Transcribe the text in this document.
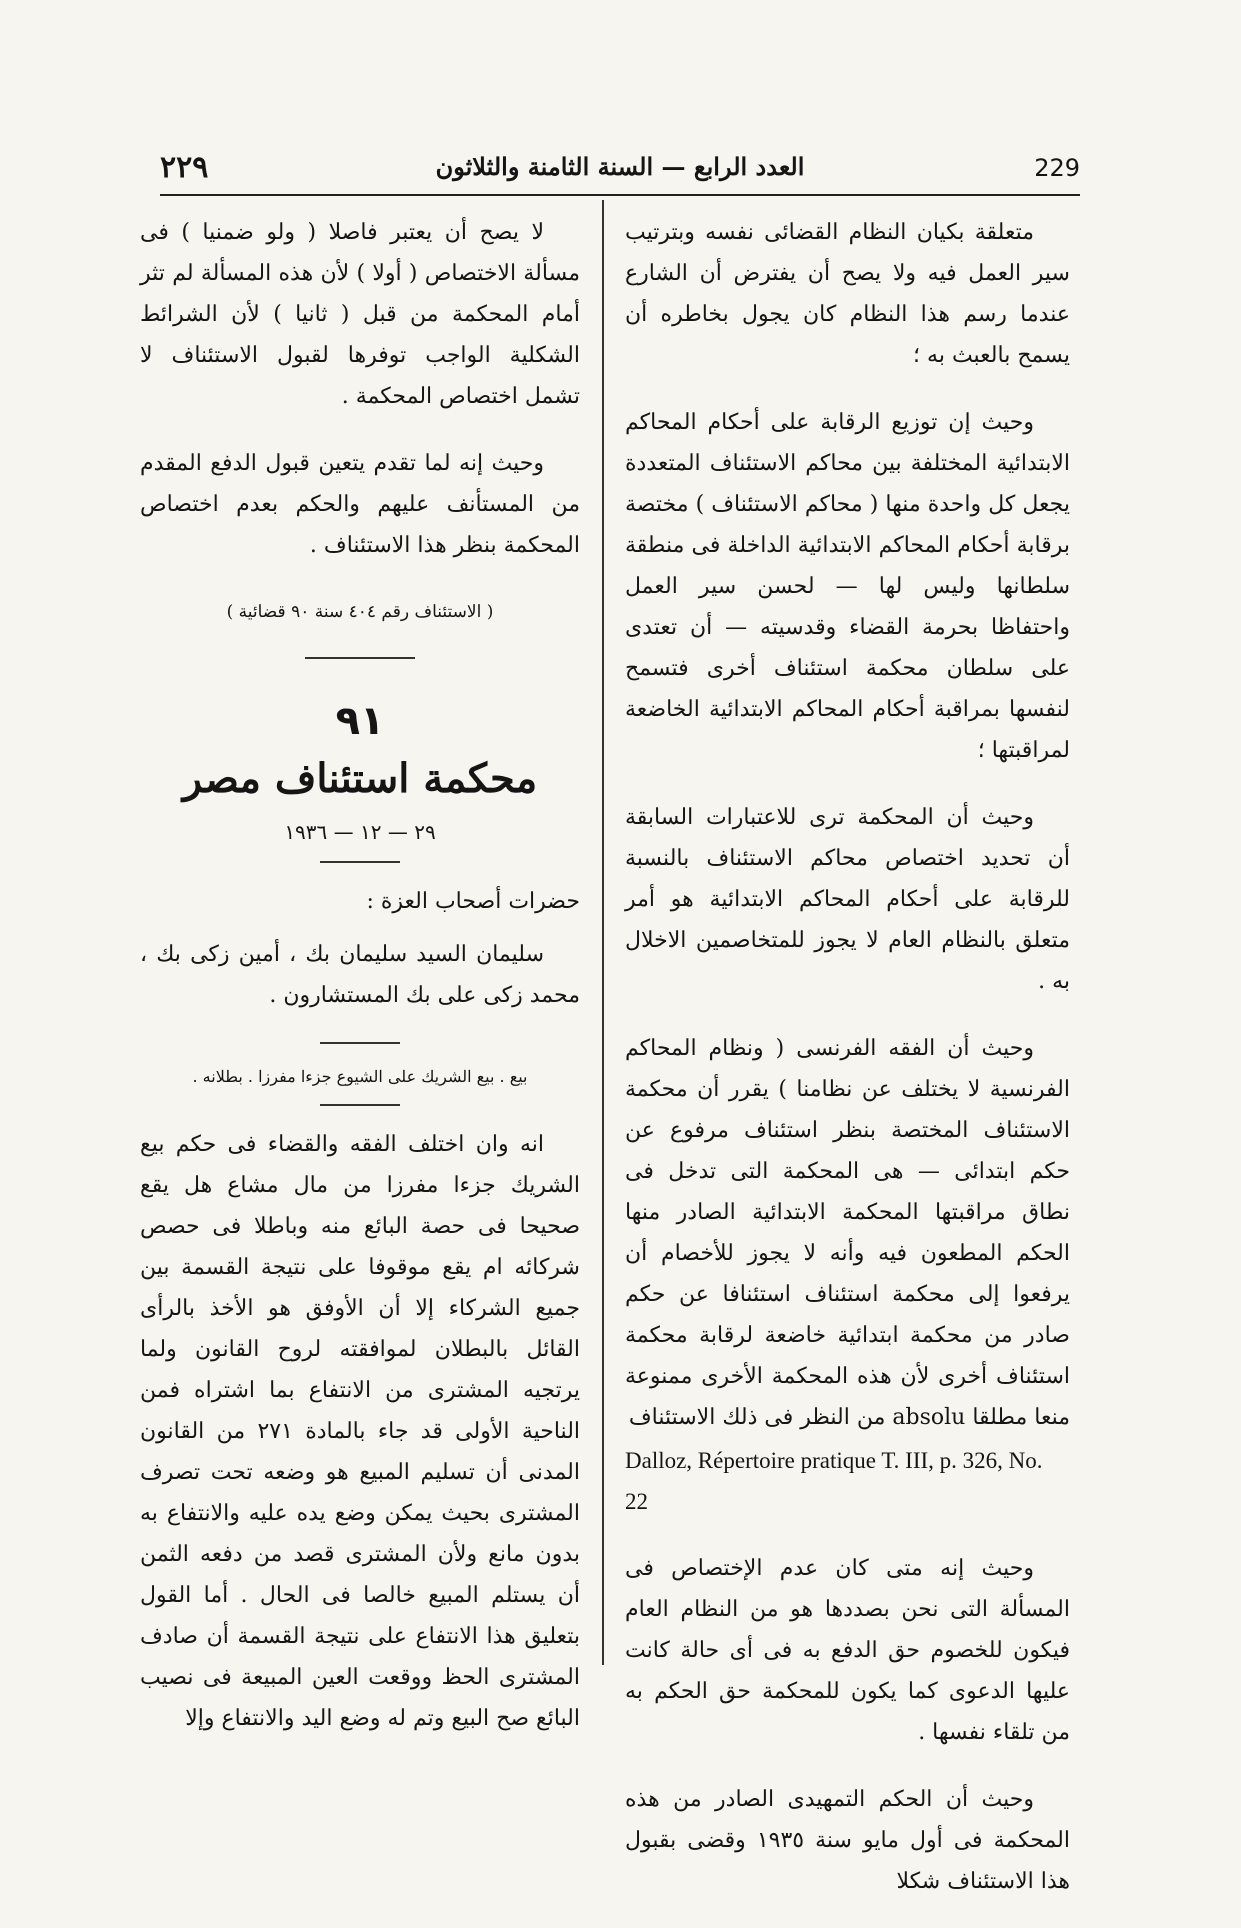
٢٢٩	العدد الرابع — السنة الثامنة والثلاثون	229

متعلقة بكيان النظام القضائى نفسه وبترتيب سير العمل فيه ولا يصح أن يفترض أن الشارع عندما رسم هذا النظام كان يجول بخاطره أن يسمح بالعبث به ؛

وحيث إن توزيع الرقابة على أحكام المحاكم الابتدائية المختلفة بين محاكم الاستئناف المتعددة يجعل كل واحدة منها ( محاكم الاستئناف ) مختصة برقابة أحكام المحاكم الابتدائية الداخلة فى منطقة سلطانها وليس لها — لحسن سير العمل واحتفاظا بحرمة القضاء وقدسيته — أن تعتدى على سلطان محكمة استئناف أخرى فتسمح لنفسها بمراقبة أحكام المحاكم الابتدائية الخاضعة لمراقبتها ؛

وحيث أن المحكمة ترى للاعتبارات السابقة أن تحديد اختصاص محاكم الاستئناف بالنسبة للرقابة على أحكام المحاكم الابتدائية هو أمر متعلق بالنظام العام لا يجوز للمتخاصمين الاخلال به .

وحيث أن الفقه الفرنسى ( ونظام المحاكم الفرنسية لا يختلف عن نظامنا ) يقرر أن محكمة الاستئناف المختصة بنظر استئناف مرفوع عن حكم ابتدائى — هى المحكمة التى تدخل فى نطاق مراقبتها المحكمة الابتدائية الصادر منها الحكم المطعون فيه وأنه لا يجوز للأخصام أن يرفعوا إلى محكمة استئناف استئنافا عن حكم صادر من محكمة ابتدائية خاضعة لرقابة محكمة استئناف أخرى لأن هذه المحكمة الأخرى ممنوعة منعا مطلقا absolu من النظر فى ذلك الاستئناف

Dalloz, Répertoire pratique T. III, p. 326, No. 22

وحيث إنه متى كان عدم الإختصاص فى المسألة التى نحن بصددها هو من النظام العام فيكون للخصوم حق الدفع به فى أى حالة كانت عليها الدعوى كما يكون للمحكمة حق الحكم به من تلقاء نفسها .

وحيث أن الحكم التمهيدى الصادر من هذه المحكمة فى أول مايو سنة ١٩٣٥ وقضى بقبول هذا الاستئناف شكلا

لا يصح أن يعتبر فاصلا ( ولو ضمنيا ) فى مسألة الاختصاص ( أولا ) لأن هذه المسألة لم تثر أمام المحكمة من قبل ( ثانيا ) لأن الشرائط الشكلية الواجب توفرها لقبول الاستئناف لا تشمل اختصاص المحكمة .

وحيث إنه لما تقدم يتعين قبول الدفع المقدم من المستأنف عليهم والحكم بعدم اختصاص المحكمة بنظر هذا الاستئناف .

( الاستئناف رقم ٤٠٤ سنة ٩٠ قضائية )
٩١
محكمة استئناف مصر
٢٩ — ١٢ — ١٩٣٦

حضرات أصحاب العزة :

سليمان السيد سليمان بك ، أمين زكى بك ، محمد زكى على بك المستشارون .

بيع . بيع الشريك على الشيوع جزءا مفرزا . بطلانه .

انه وان اختلف الفقه والقضاء فى حكم بيع الشريك جزءا مفرزا من مال مشاع هل يقع صحيحا فى حصة البائع منه وباطلا فى حصص شركائه ام يقع موقوفا على نتيجة القسمة بين جميع الشركاء إلا أن الأوفق هو الأخذ بالرأى القائل بالبطلان لموافقته لروح القانون ولما يرتجيه المشترى من الانتفاع بما اشتراه فمن الناحية الأولى قد جاء بالمادة ٢٧١ من القانون المدنى أن تسليم المبيع هو وضعه تحت تصرف المشترى بحيث يمكن وضع يده عليه والانتفاع به بدون مانع ولأن المشترى قصد من دفعه الثمن أن يستلم المبيع خالصا فى الحال . أما القول بتعليق هذا الانتفاع على نتيجة القسمة أن صادف المشترى الحظ ووقعت العين المبيعة فى نصيب البائع صح البيع وتم له وضع اليد والانتفاع وإلا
